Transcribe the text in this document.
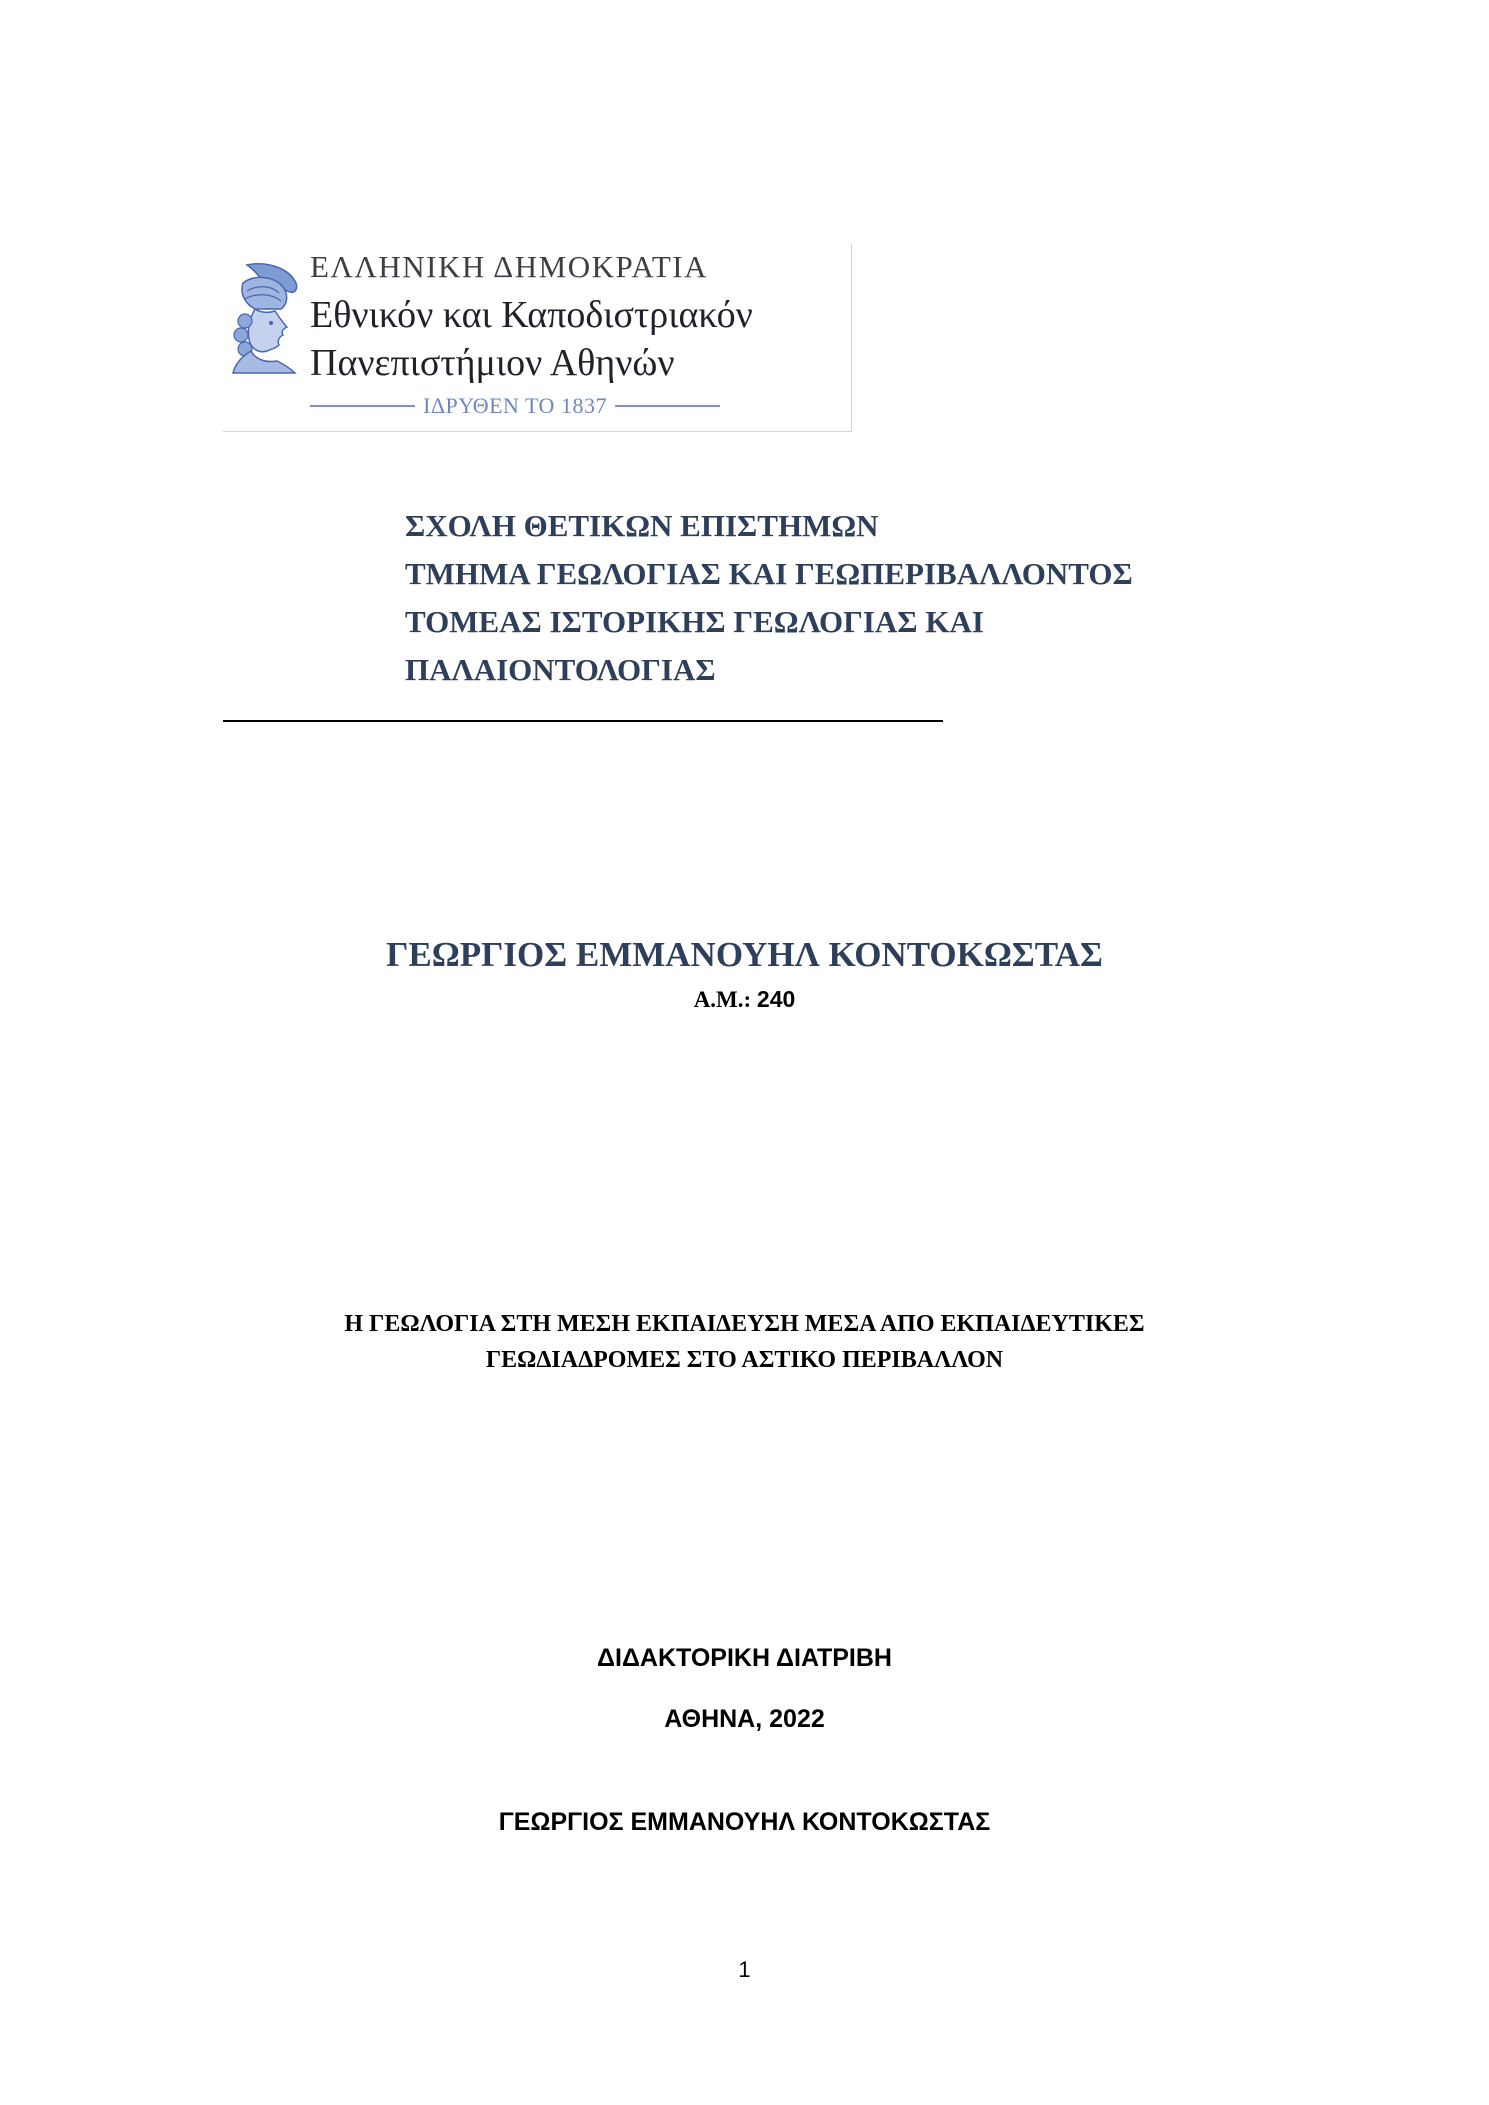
ΕΛΛΗΝΙΚΗ ΔΗΜΟΚΡΑΤΙΑ
Εθνικόν και Καποδιστριακόν
Πανεπιστήμιον Αθηνών
ΙΔΡΥΘΕΝ ΤΟ 1837
ΣΧΟΛΗ ΘΕΤΙΚΩΝ ΕΠΙΣΤΗΜΩΝ
ΤΜΗΜΑ ΓΕΩΛΟΓΙΑΣ ΚΑΙ ΓΕΩΠΕΡΙΒΑΛΛΟΝΤΟΣ
ΤΟΜΕΑΣ ΙΣΤΟΡΙΚΗΣ ΓΕΩΛΟΓΙΑΣ ΚΑΙ
ΠΑΛΑΙΟΝΤΟΛΟΓΙΑΣ
ΓΕΩΡΓΙΟΣ ΕΜΜΑΝΟΥΗΛ ΚΟΝΤΟΚΩΣΤΑΣ
Α.Μ.: 240
Η ΓΕΩΛΟΓΙΑ ΣΤΗ ΜΕΣΗ ΕΚΠΑΙΔΕΥΣΗ ΜΕΣΑ ΑΠΟ ΕΚΠΑΙΔΕΥΤΙΚΕΣ
ΓΕΩΔΙΑΔΡΟΜΕΣ ΣΤΟ ΑΣΤΙΚΟ ΠΕΡΙΒΑΛΛΟΝ
ΔΙΔΑΚΤΟΡΙΚΗ ΔΙΑΤΡΙΒΗ
ΑΘΗΝΑ, 2022
ΓΕΩΡΓΙΟΣ ΕΜΜΑΝΟΥΗΛ ΚΟΝΤΟΚΩΣΤΑΣ
1
